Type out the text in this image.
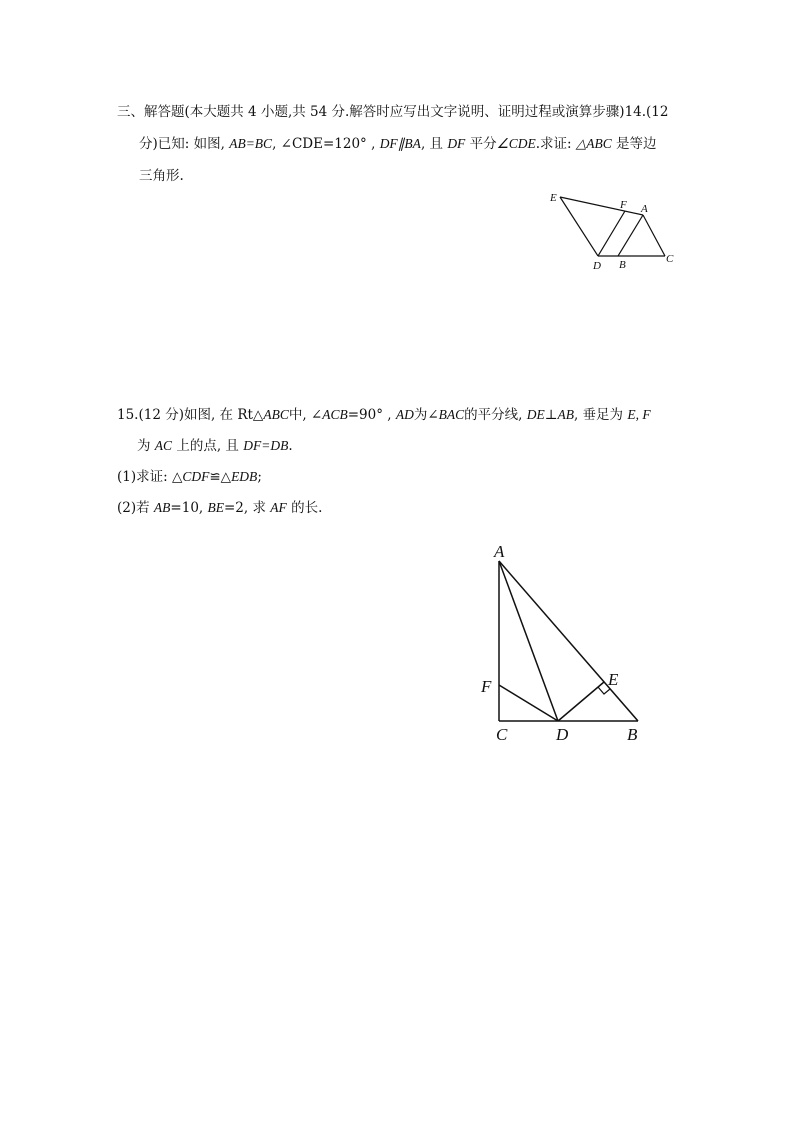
三、解答题(本大题共 4 小题,共 54 分.解答时应写出文字说明、证明过程或演算步骤)14.(12
分)已知: 如图, AB=BC, ∠CDE=120° , DF∥BA, 且 DF 平分∠CDE.求证: △ABC 是等边
三角形.
E
F A
D B	C
15.(12 分)如图, 在 Rt△ABC中, ∠ACB=90° , AD为∠BAC的平分线, DE⊥AB, 垂足为 E, F
为 AC 上的点, 且 DF=DB.
(1)求证: △CDF≌△EDB;
(2)若 AB=10, BE=2, 求 AF 的长.
A
F	E
C	D	B
